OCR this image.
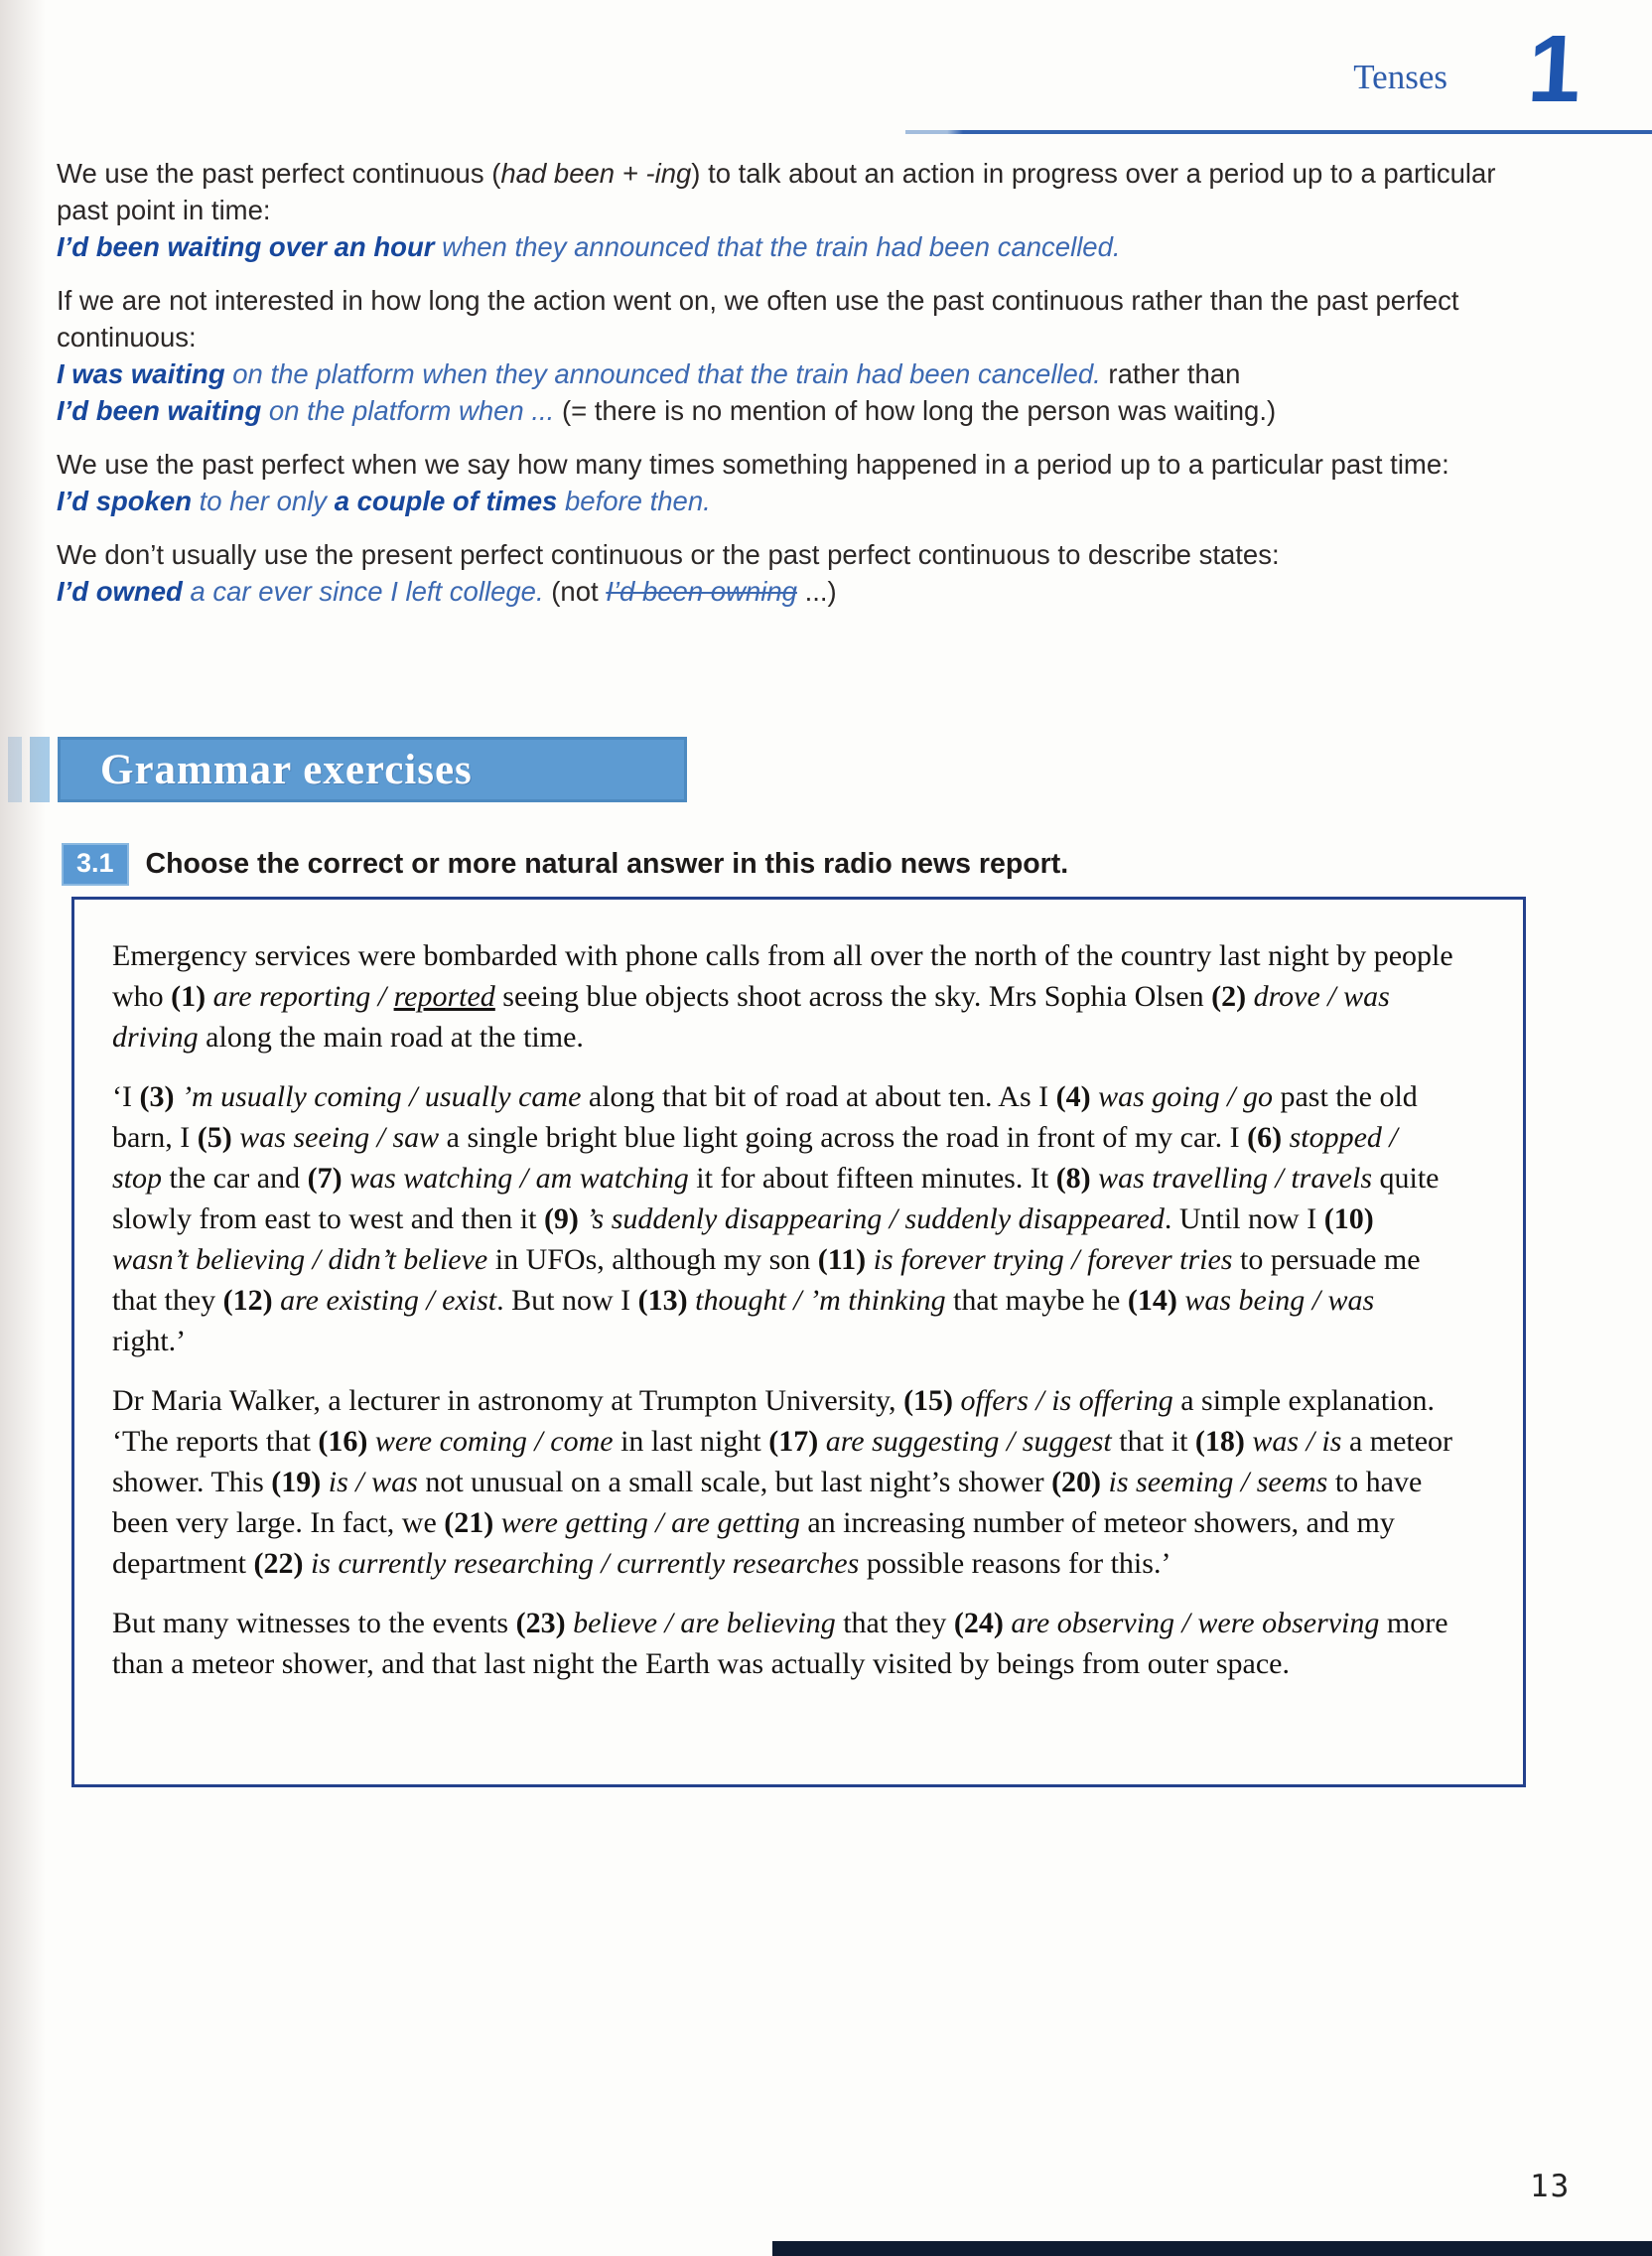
Tenses 1
We use the past perfect continuous (had been + -ing) to talk about an action in progress over a period up to a particular past point in time:
I’d been waiting over an hour when they announced that the train had been cancelled.
If we are not interested in how long the action went on, we often use the past continuous rather than the past perfect continuous:
I was waiting on the platform when they announced that the train had been cancelled. rather than
I’d been waiting on the platform when ... (= there is no mention of how long the person was waiting.)
We use the past perfect when we say how many times something happened in a period up to a particular past time:
I’d spoken to her only a couple of times before then.
We don’t usually use the present perfect continuous or the past perfect continuous to describe states:
I’d owned a car ever since I left college. (not I’d been owning ...)
Grammar exercises
3.1	Choose the correct or more natural answer in this radio news report.

Emergency services were bombarded with phone calls from all over the north of the country last night by people who (1) are reporting / reported seeing blue objects shoot across the sky. Mrs Sophia Olsen (2) drove / was driving along the main road at the time.

‘I (3) ’m usually coming / usually came along that bit of road at about ten. As I (4) was going / go past the old barn, I (5) was seeing / saw a single bright blue light going across the road in front of my car. I (6) stopped / stop the car and (7) was watching / am watching it for about fifteen minutes. It (8) was travelling / travels quite slowly from east to west and then it (9) ’s suddenly disappearing / suddenly disappeared. Until now I (10) wasn’t believing / didn’t believe in UFOs, although my son (11) is forever trying / forever tries to persuade me that they (12) are existing / exist. But now I (13) thought / ’m thinking that maybe he (14) was being / was right.’

Dr Maria Walker, a lecturer in astronomy at Trumpton University, (15) offers / is offering a simple explanation. ‘The reports that (16) were coming / come in last night (17) are suggesting / suggest that it (18) was / is a meteor shower. This (19) is / was not unusual on a small scale, but last night’s shower (20) is seeming / seems to have been very large. In fact, we (21) were getting / are getting an increasing number of meteor showers, and my department (22) is currently researching / currently researches possible reasons for this.’

But many witnesses to the events (23) believe / are believing that they (24) are observing / were observing more than a meteor shower, and that last night the Earth was actually visited by beings from outer space.

13
